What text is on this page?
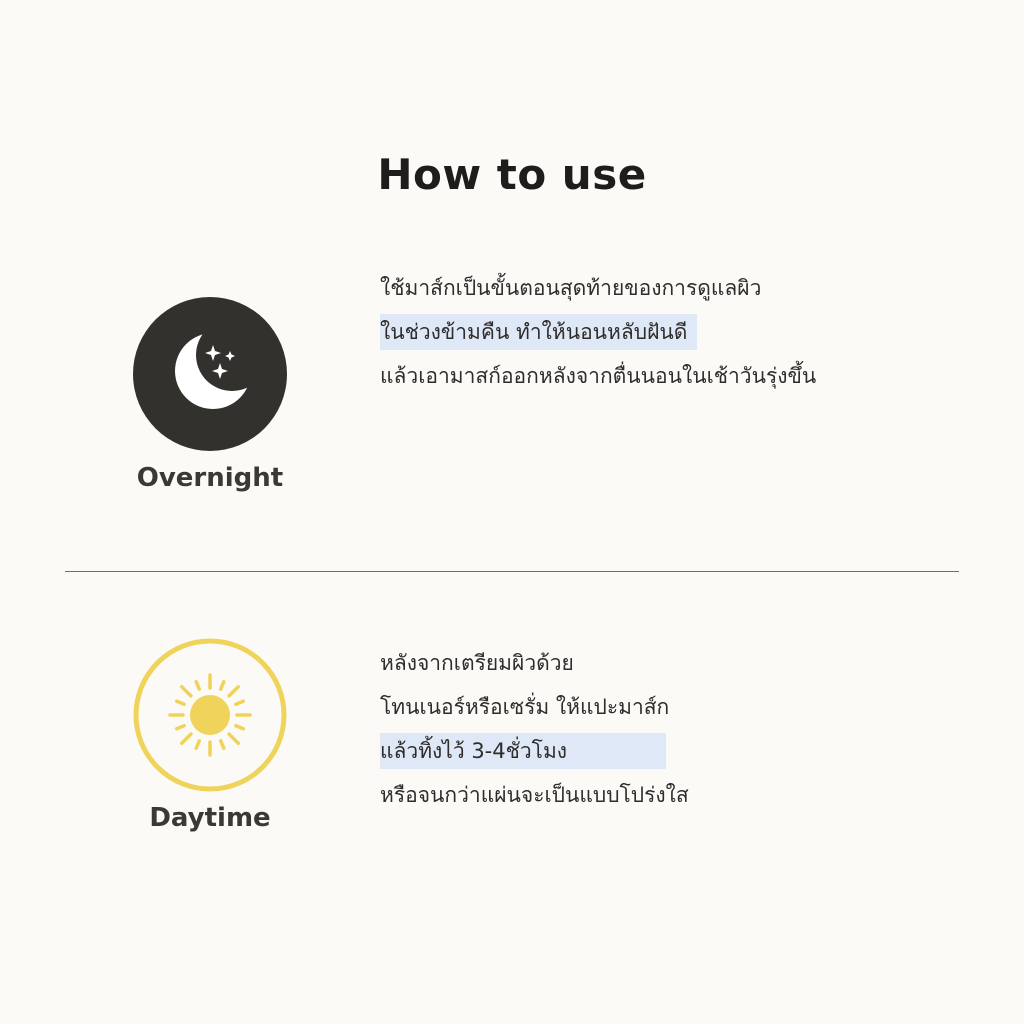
How to use
Overnight
ใช้มาส์กเป็นขั้นตอนสุดท้ายของการดูแลผิว
ในช่วงข้ามคืน ทำให้นอนหลับฝันดี
แล้วเอามาสก์ออกหลังจากตื่นนอนในเช้าวันรุ่งขึ้น
Daytime
หลังจากเตรียมผิวด้วย
โทนเนอร์หรือเซรั่ม ให้แปะมาส์ก
แล้วทิ้งไว้ 3-4ชั่วโมง
หรือจนกว่าแผ่นจะเป็นแบบโปร่งใส
